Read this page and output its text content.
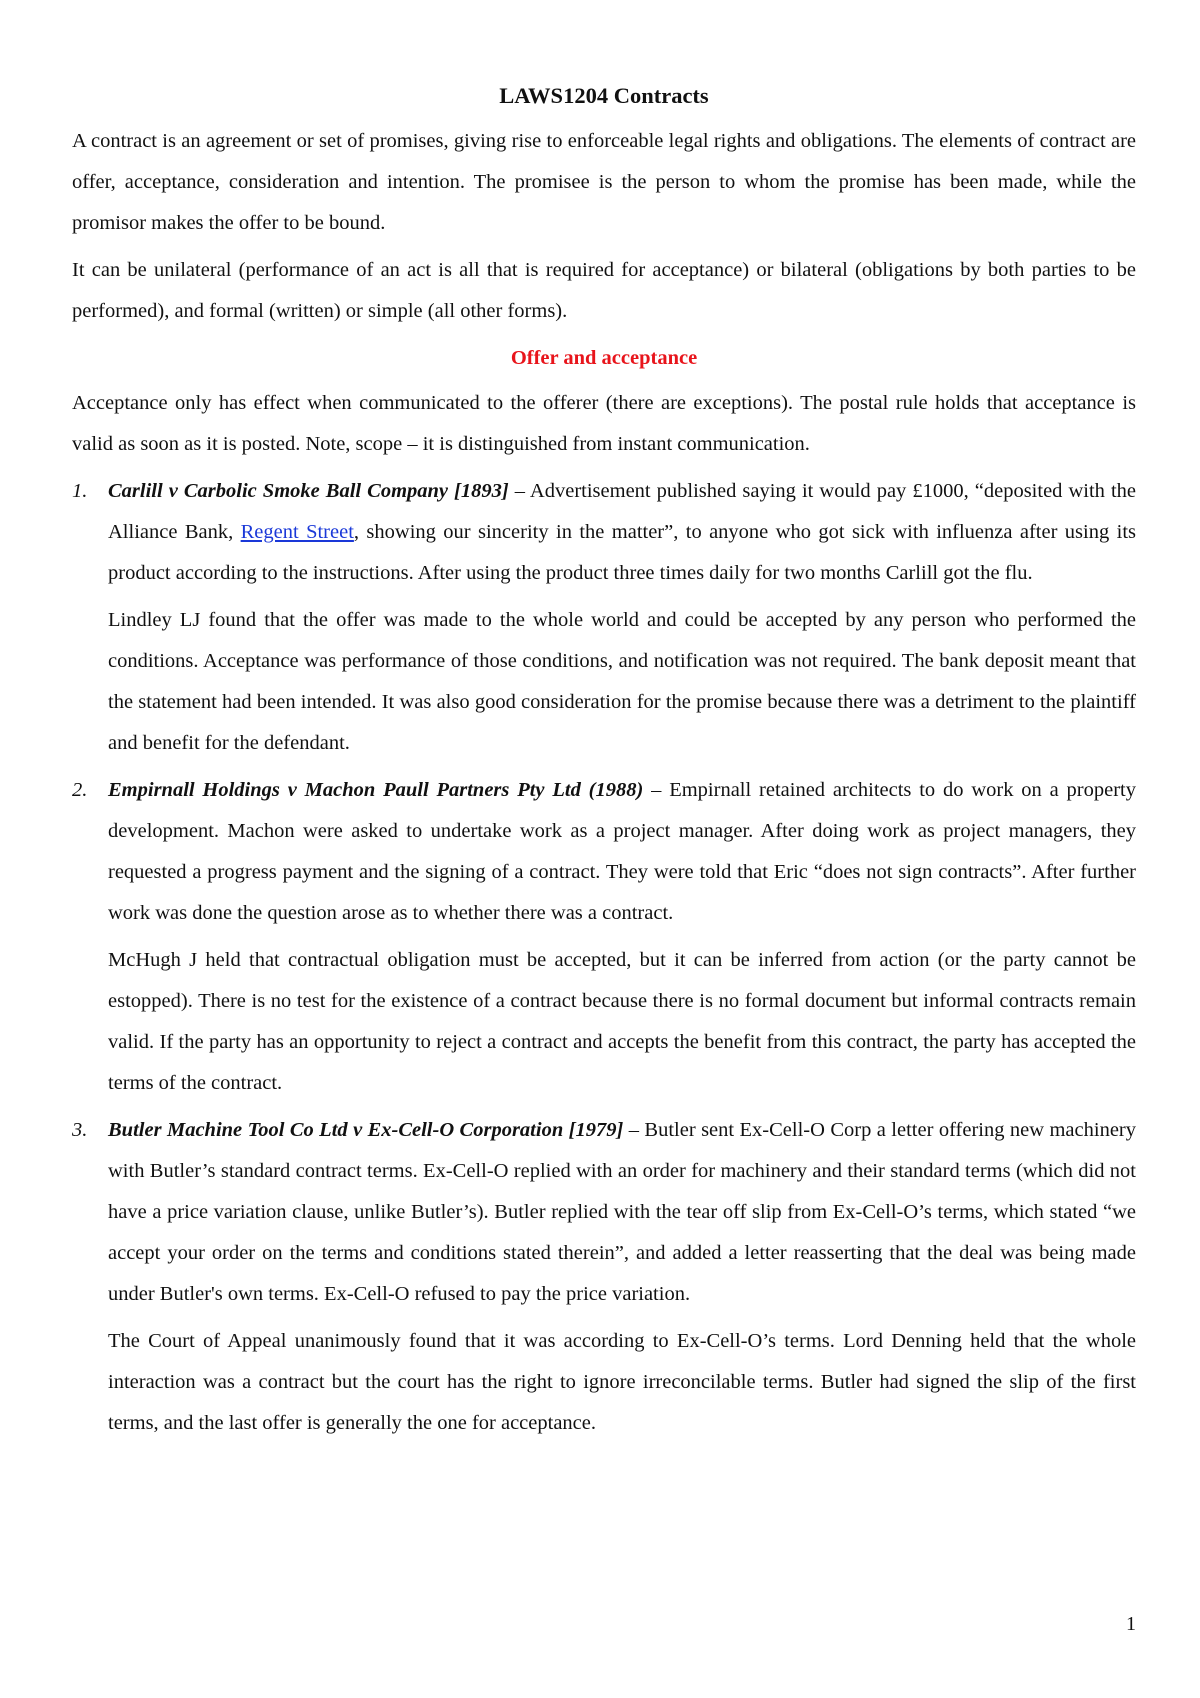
LAWS1204 Contracts

A contract is an agreement or set of promises, giving rise to enforceable legal rights and obligations. The elements of contract are offer, acceptance, consideration and intention. The promisee is the person to whom the promise has been made, while the promisor makes the offer to be bound.

It can be unilateral (performance of an act is all that is required for acceptance) or bilateral (obligations by both parties to be performed), and formal (written) or simple (all other forms).

Offer and acceptance

Acceptance only has effect when communicated to the offerer (there are exceptions). The postal rule holds that acceptance is valid as soon as it is posted. Note, scope – it is distinguished from instant communication.

1. Carlill v Carbolic Smoke Ball Company [1893] – Advertisement published saying it would pay £1000, “deposited with the Alliance Bank, Regent Street, showing our sincerity in the matter”, to anyone who got sick with influenza after using its product according to the instructions. After using the product three times daily for two months Carlill got the flu.

Lindley LJ found that the offer was made to the whole world and could be accepted by any person who performed the conditions. Acceptance was performance of those conditions, and notification was not required. The bank deposit meant that the statement had been intended. It was also good consideration for the promise because there was a detriment to the plaintiff and benefit for the defendant.

2. Empirnall Holdings v Machon Paull Partners Pty Ltd (1988) – Empirnall retained architects to do work on a property development. Machon were asked to undertake work as a project manager. After doing work as project managers, they requested a progress payment and the signing of a contract. They were told that Eric “does not sign contracts”. After further work was done the question arose as to whether there was a contract.

McHugh J held that contractual obligation must be accepted, but it can be inferred from action (or the party cannot be estopped). There is no test for the existence of a contract because there is no formal document but informal contracts remain valid. If the party has an opportunity to reject a contract and accepts the benefit from this contract, the party has accepted the terms of the contract.

3. Butler Machine Tool Co Ltd v Ex-Cell-O Corporation [1979] – Butler sent Ex-Cell-O Corp a letter offering new machinery with Butler’s standard contract terms. Ex-Cell-O replied with an order for machinery and their standard terms (which did not have a price variation clause, unlike Butler’s). Butler replied with the tear off slip from Ex-Cell-O’s terms, which stated “we accept your order on the terms and conditions stated therein”, and added a letter reasserting that the deal was being made under Butler's own terms. Ex-Cell-O refused to pay the price variation.

The Court of Appeal unanimously found that it was according to Ex-Cell-O’s terms. Lord Denning held that the whole interaction was a contract but the court has the right to ignore irreconcilable terms. Butler had signed the slip of the first terms, and the last offer is generally the one for acceptance.

1
